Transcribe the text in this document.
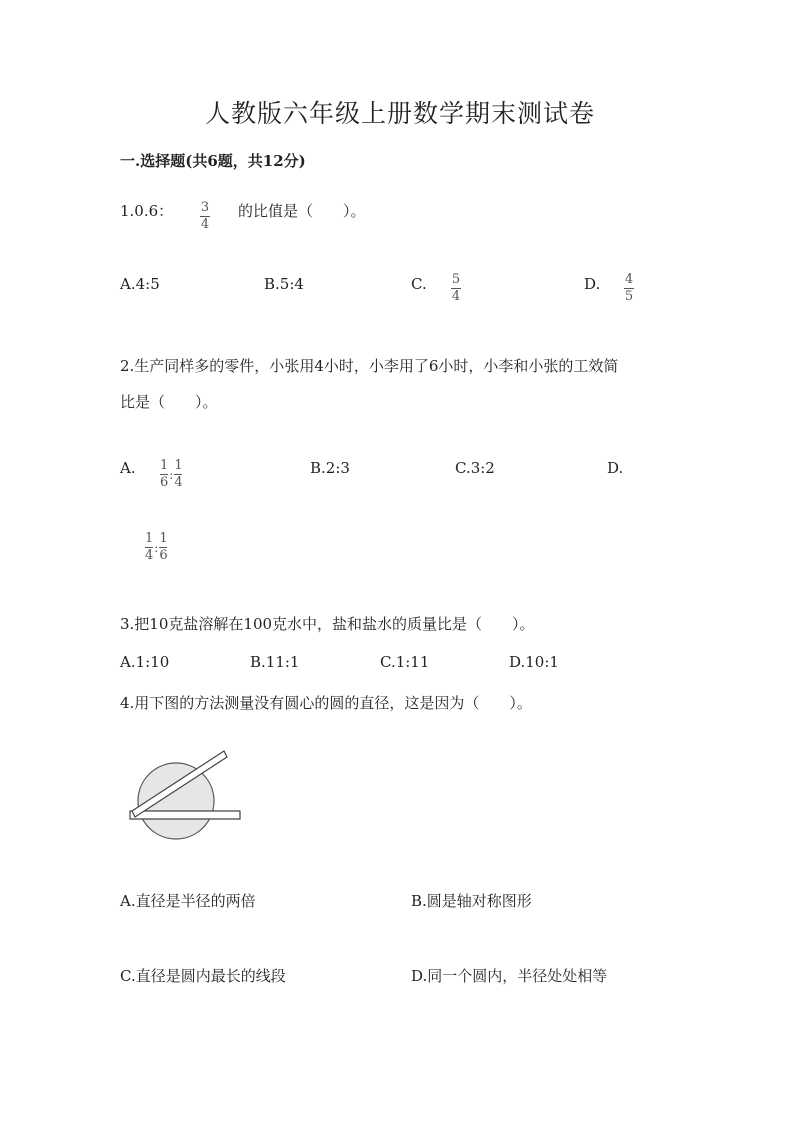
人教版六年级上册数学期末测试卷
一.选择题(共6题，共12分)
1.0.6： $\frac{3}{4}$ 的比值是（　　）。
A.4:5	B.5:4	C. $\frac{5}{4}$	D. $\frac{4}{5}$
2.生产同样多的零件，小张用4小时，小李用了6小时，小李和小张的工效简
比是（　　）。
A. $\frac{1}{6}$ : $\frac{1}{4}$	B.2:3	C.3:2	D.
$\frac{1}{4}$ : $\frac{1}{6}$
3.把10克盐溶解在100克水中，盐和盐水的质量比是（　　）。
A.1:10	B.11:1	C.1:11	D.10:1
4.用下图的方法测量没有圆心的圆的直径，这是因为（　　）。
A.直径是半径的两倍	B.圆是轴对称图形
C.直径是圆内最长的线段	D.同一个圆内，半径处处相等
